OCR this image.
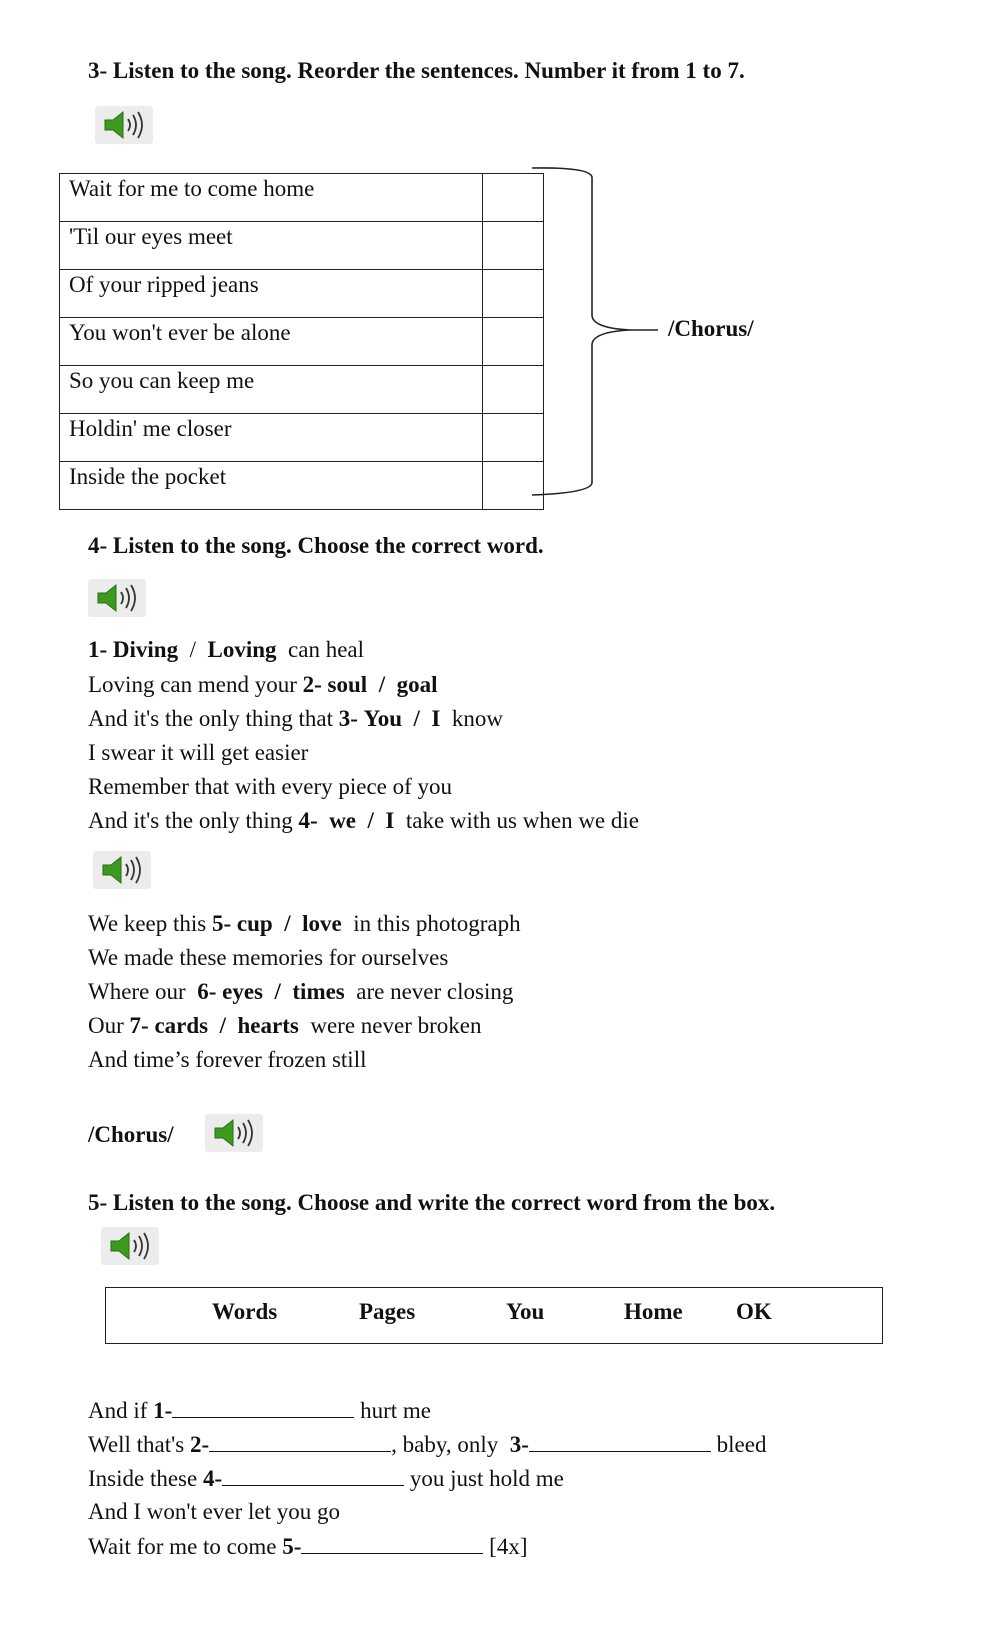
3- Listen to the song. Reorder the sentences. Number it from 1 to 7.
Wait for me to come home	
'Til our eyes meet	
Of your ripped jeans	
You won't ever be alone	
So you can keep me	
Holdin' me closer	
Inside the pocket	
/Chorus/
4- Listen to the song. Choose the correct word.
1- Diving / Loving can heal
Loving can mend your 2- soul / goal
And it's the only thing that 3- You / I know
I swear it will get easier
Remember that with every piece of you
And it's the only thing 4- we / I take with us when we die
We keep this 5- cup / love in this photograph
We made these memories for ourselves
Where our 6- eyes / times are never closing
Our 7- cards / hearts were never broken
And time’s forever frozen still
/Chorus/
5- Listen to the song. Choose and write the correct word from the box.
Words	Pages	You	Home OK
And if 1-	hurt me
Well that's 2-	, baby, only 3-	bleed
Inside these 4-	you just hold me
And I won't ever let you go
Wait for me to come 5-	[4x]
